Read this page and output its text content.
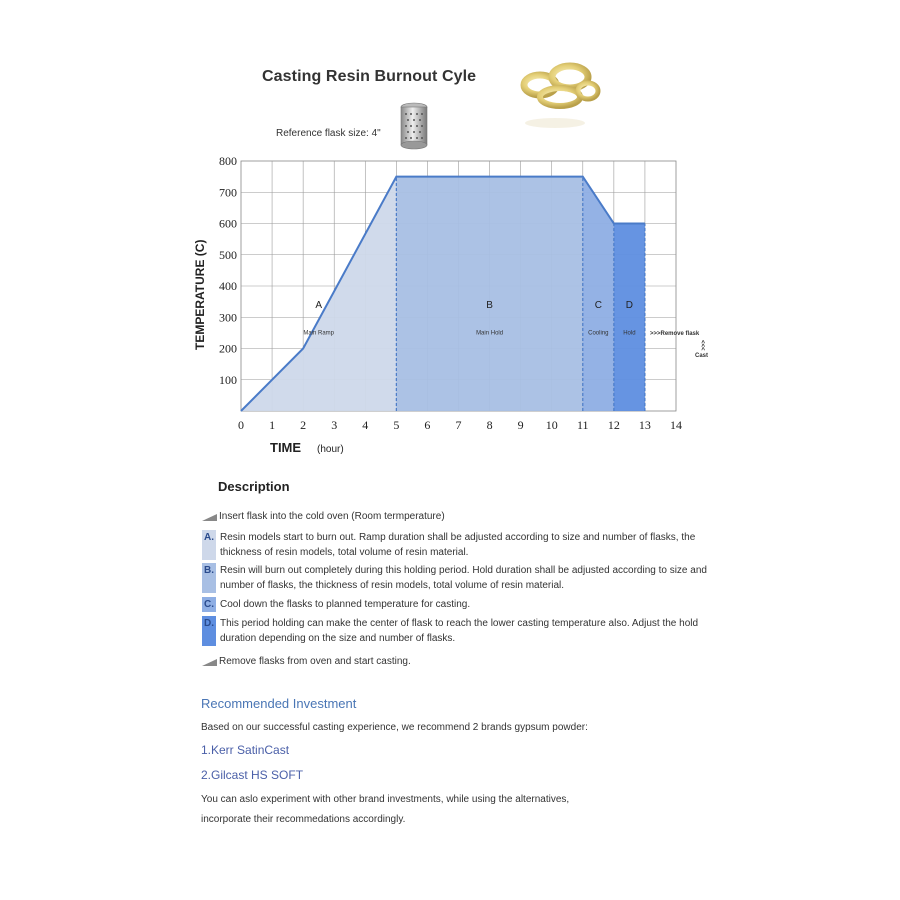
Casting Resin Burnout Cyle
Reference flask size: 4"
0 1 2 3 4 5 6 7 8 9 10 11 12 13 14
100
200
300
400
500
600
700
800
A
Main Ramp
B
Main Hold
C
Cooling
D
Hold
TIME (hour)
TEMPERATURE (C)	>>>Remove flask
<<<
Cast
Description
Insert flask into the cold oven (Room termperature)
A. Resin models start to burn out. Ramp duration shall be adjusted according to size and number of flasks, the thickness of resin models, total volume of resin material.
B. Resin will burn out completely during this holding period. Hold duration shall be adjusted according to size and number of flasks, the thickness of resin models, total volume of resin material.
C. Cool down the flasks to planned temperature for casting.
D. This period holding can make the center of flask to reach the lower casting temperature also. Adjust the hold duration depending on the size and number of flasks.
Remove flasks from oven and start casting.
Recommended Investment
Based on our successful casting experience, we recommend 2 brands gypsum powder:
1.Kerr SatinCast
2.Gilcast HS SOFT
You can aslo experiment with other brand investments, while using the alternatives,
incorporate their recommedations accordingly.
